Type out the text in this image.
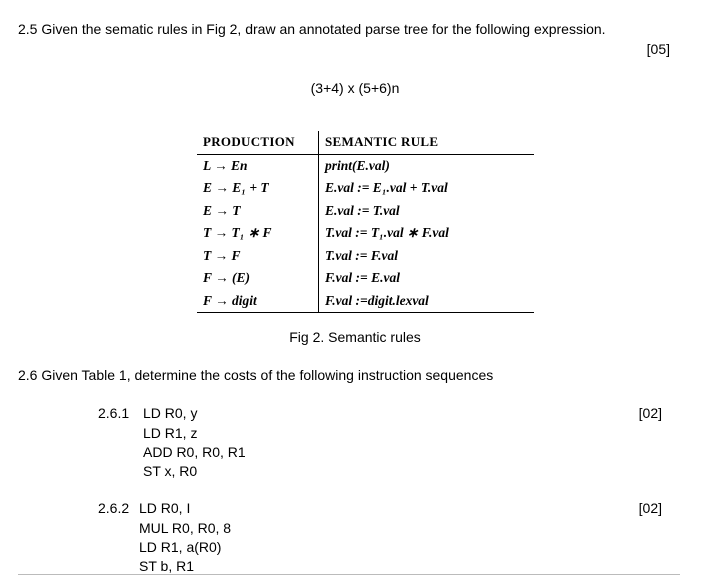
2.5 Given the sematic rules in Fig 2, draw an annotated parse tree for the following expression.
[05]
(3+4) x (5+6)n
PRODUCTION	SEMANTIC RULE
L → En	print(E.val)
E → E₁ + T	E.val := E₁.val + T.val
E → T	E.val := T.val
T → T₁ ∗ F	T.val := T₁.val ∗ F.val
T → F	T.val := F.val
F → (E)	F.val := E.val
F → digit	F.val :=digit.lexval
Fig 2. Semantic rules
2.6 Given Table 1, determine the costs of the following instruction sequences
2.6.1	[02]
LD R0, y
LD R1, z
ADD R0, R0, R1
ST x, R0
2.6.2	[02]
LD R0, I
MUL R0, R0, 8
LD R1, a(R0)
ST b, R1
